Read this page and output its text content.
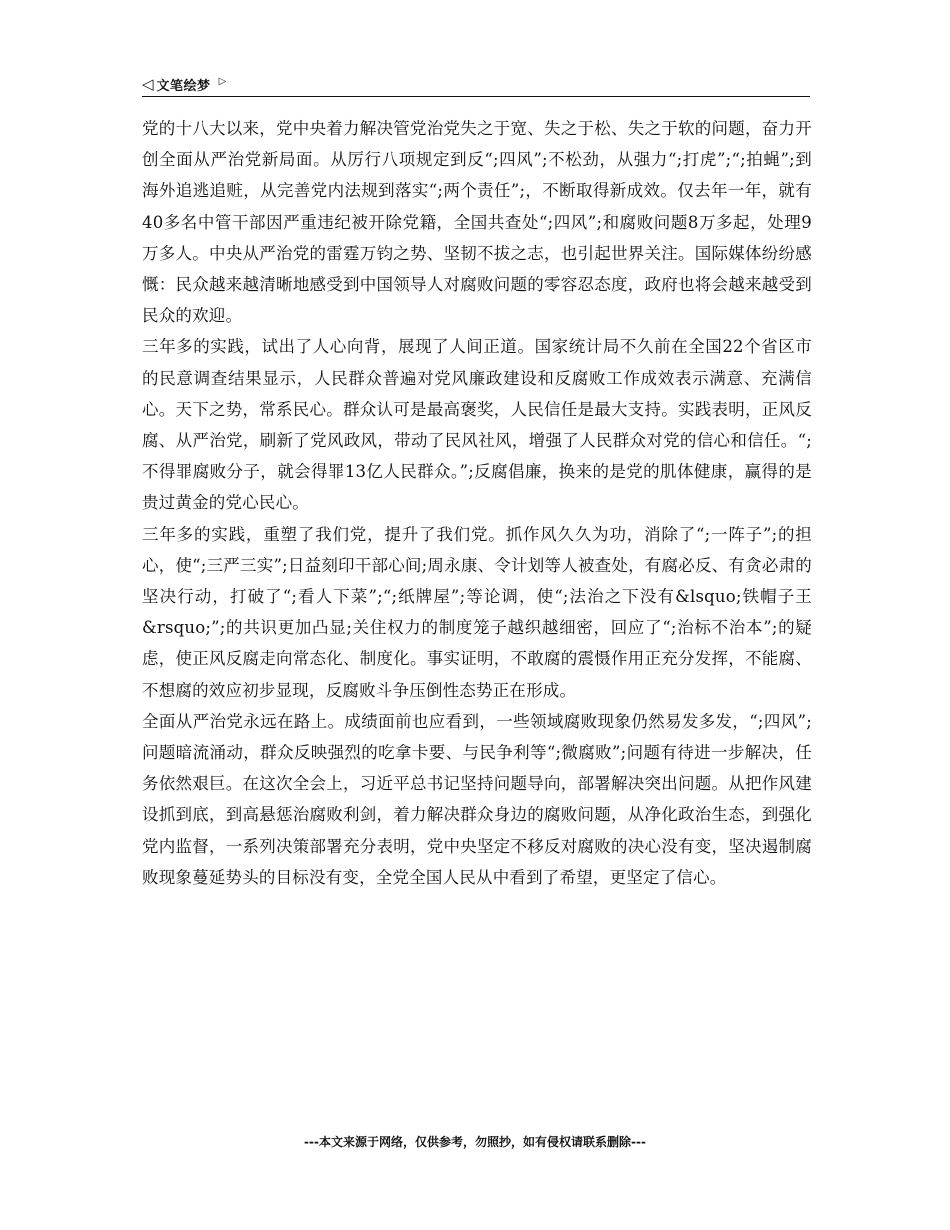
◁ 文笔绘梦 ▷

党的十八大以来，党中央着力解决管党治党失之于宽、失之于松、失之于软的问题，奋力开创全面从严治党新局面。从厉行八项规定到反“;四风”;不松劲，从强力“;打虎”;“;拍蝇”;到海外追逃追赃，从完善党内法规到落实“;两个责任”;，不断取得新成效。仅去年一年，就有40多名中管干部因严重违纪被开除党籍，全国共查处“;四风”;和腐败问题8万多起，处理9万多人。中央从严治党的雷霆万钧之势、坚韧不拔之志，也引起世界关注。国际媒体纷纷感慨：民众越来越清晰地感受到中国领导人对腐败问题的零容忍态度，政府也将会越来越受到民众的欢迎。

三年多的实践，试出了人心向背，展现了人间正道。国家统计局不久前在全国22个省区市的民意调查结果显示，人民群众普遍对党风廉政建设和反腐败工作成效表示满意、充满信心。天下之势，常系民心。群众认可是最高褒奖，人民信任是最大支持。实践表明，正风反腐、从严治党，刷新了党风政风，带动了民风社风，增强了人民群众对党的信心和信任。“;不得罪腐败分子，就会得罪13亿人民群众。”;反腐倡廉，换来的是党的肌体健康，赢得的是贵过黄金的党心民心。

三年多的实践，重塑了我们党，提升了我们党。抓作风久久为功，消除了“;一阵子”;的担心，使“;三严三实”;日益刻印干部心间;周永康、令计划等人被查处，有腐必反、有贪必肃的坚决行动，打破了“;看人下菜”;“;纸牌屋”;等论调，使“;法治之下没有&lsquo;铁帽子王&rsquo;”;的共识更加凸显;关住权力的制度笼子越织越细密，回应了“;治标不治本”;的疑虑，使正风反腐走向常态化、制度化。事实证明，不敢腐的震慑作用正充分发挥，不能腐、不想腐的效应初步显现，反腐败斗争压倒性态势正在形成。

全面从严治党永远在路上。成绩面前也应看到，一些领域腐败现象仍然易发多发，“;四风”;问题暗流涌动，群众反映强烈的吃拿卡要、与民争利等“;微腐败”;问题有待进一步解决，任务依然艰巨。在这次全会上，习近平总书记坚持问题导向，部署解决突出问题。从把作风建设抓到底，到高悬惩治腐败利剑，着力解决群众身边的腐败问题，从净化政治生态，到强化党内监督，一系列决策部署充分表明，党中央坚定不移反对腐败的决心没有变，坚决遏制腐败现象蔓延势头的目标没有变，全党全国人民从中看到了希望，更坚定了信心。

---本文来源于网络，仅供参考，勿照抄，如有侵权请联系删除---
